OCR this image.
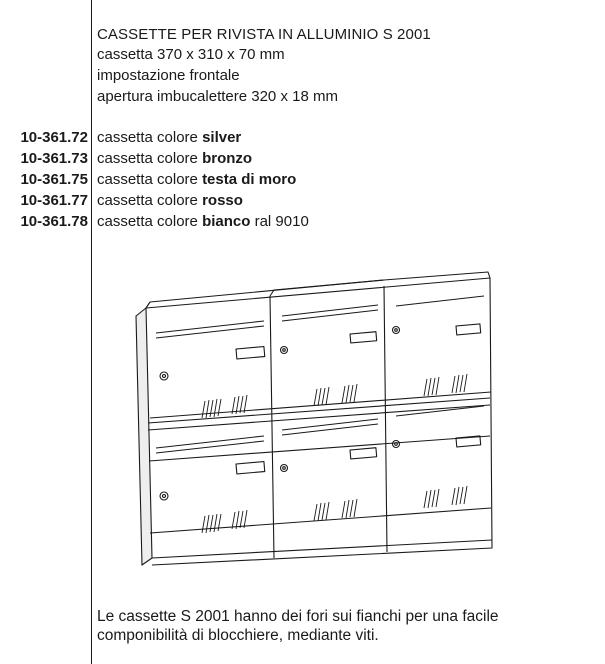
CASSETTE PER RIVISTA IN ALLUMINIO S 2001
cassetta 370 x 310 x 70 mm
impostazione frontale
apertura imbucalettere 320 x 18 mm
10-361.72 cassetta colore silver
10-361.73 cassetta colore bronzo
10-361.75 cassetta colore testa di moro
10-361.77 cassetta colore rosso
10-361.78 cassetta colore bianco ral 9010
Le cassette S 2001 hanno dei fori sui fianchi per una facile componibilità di blocchiere, mediante viti.
